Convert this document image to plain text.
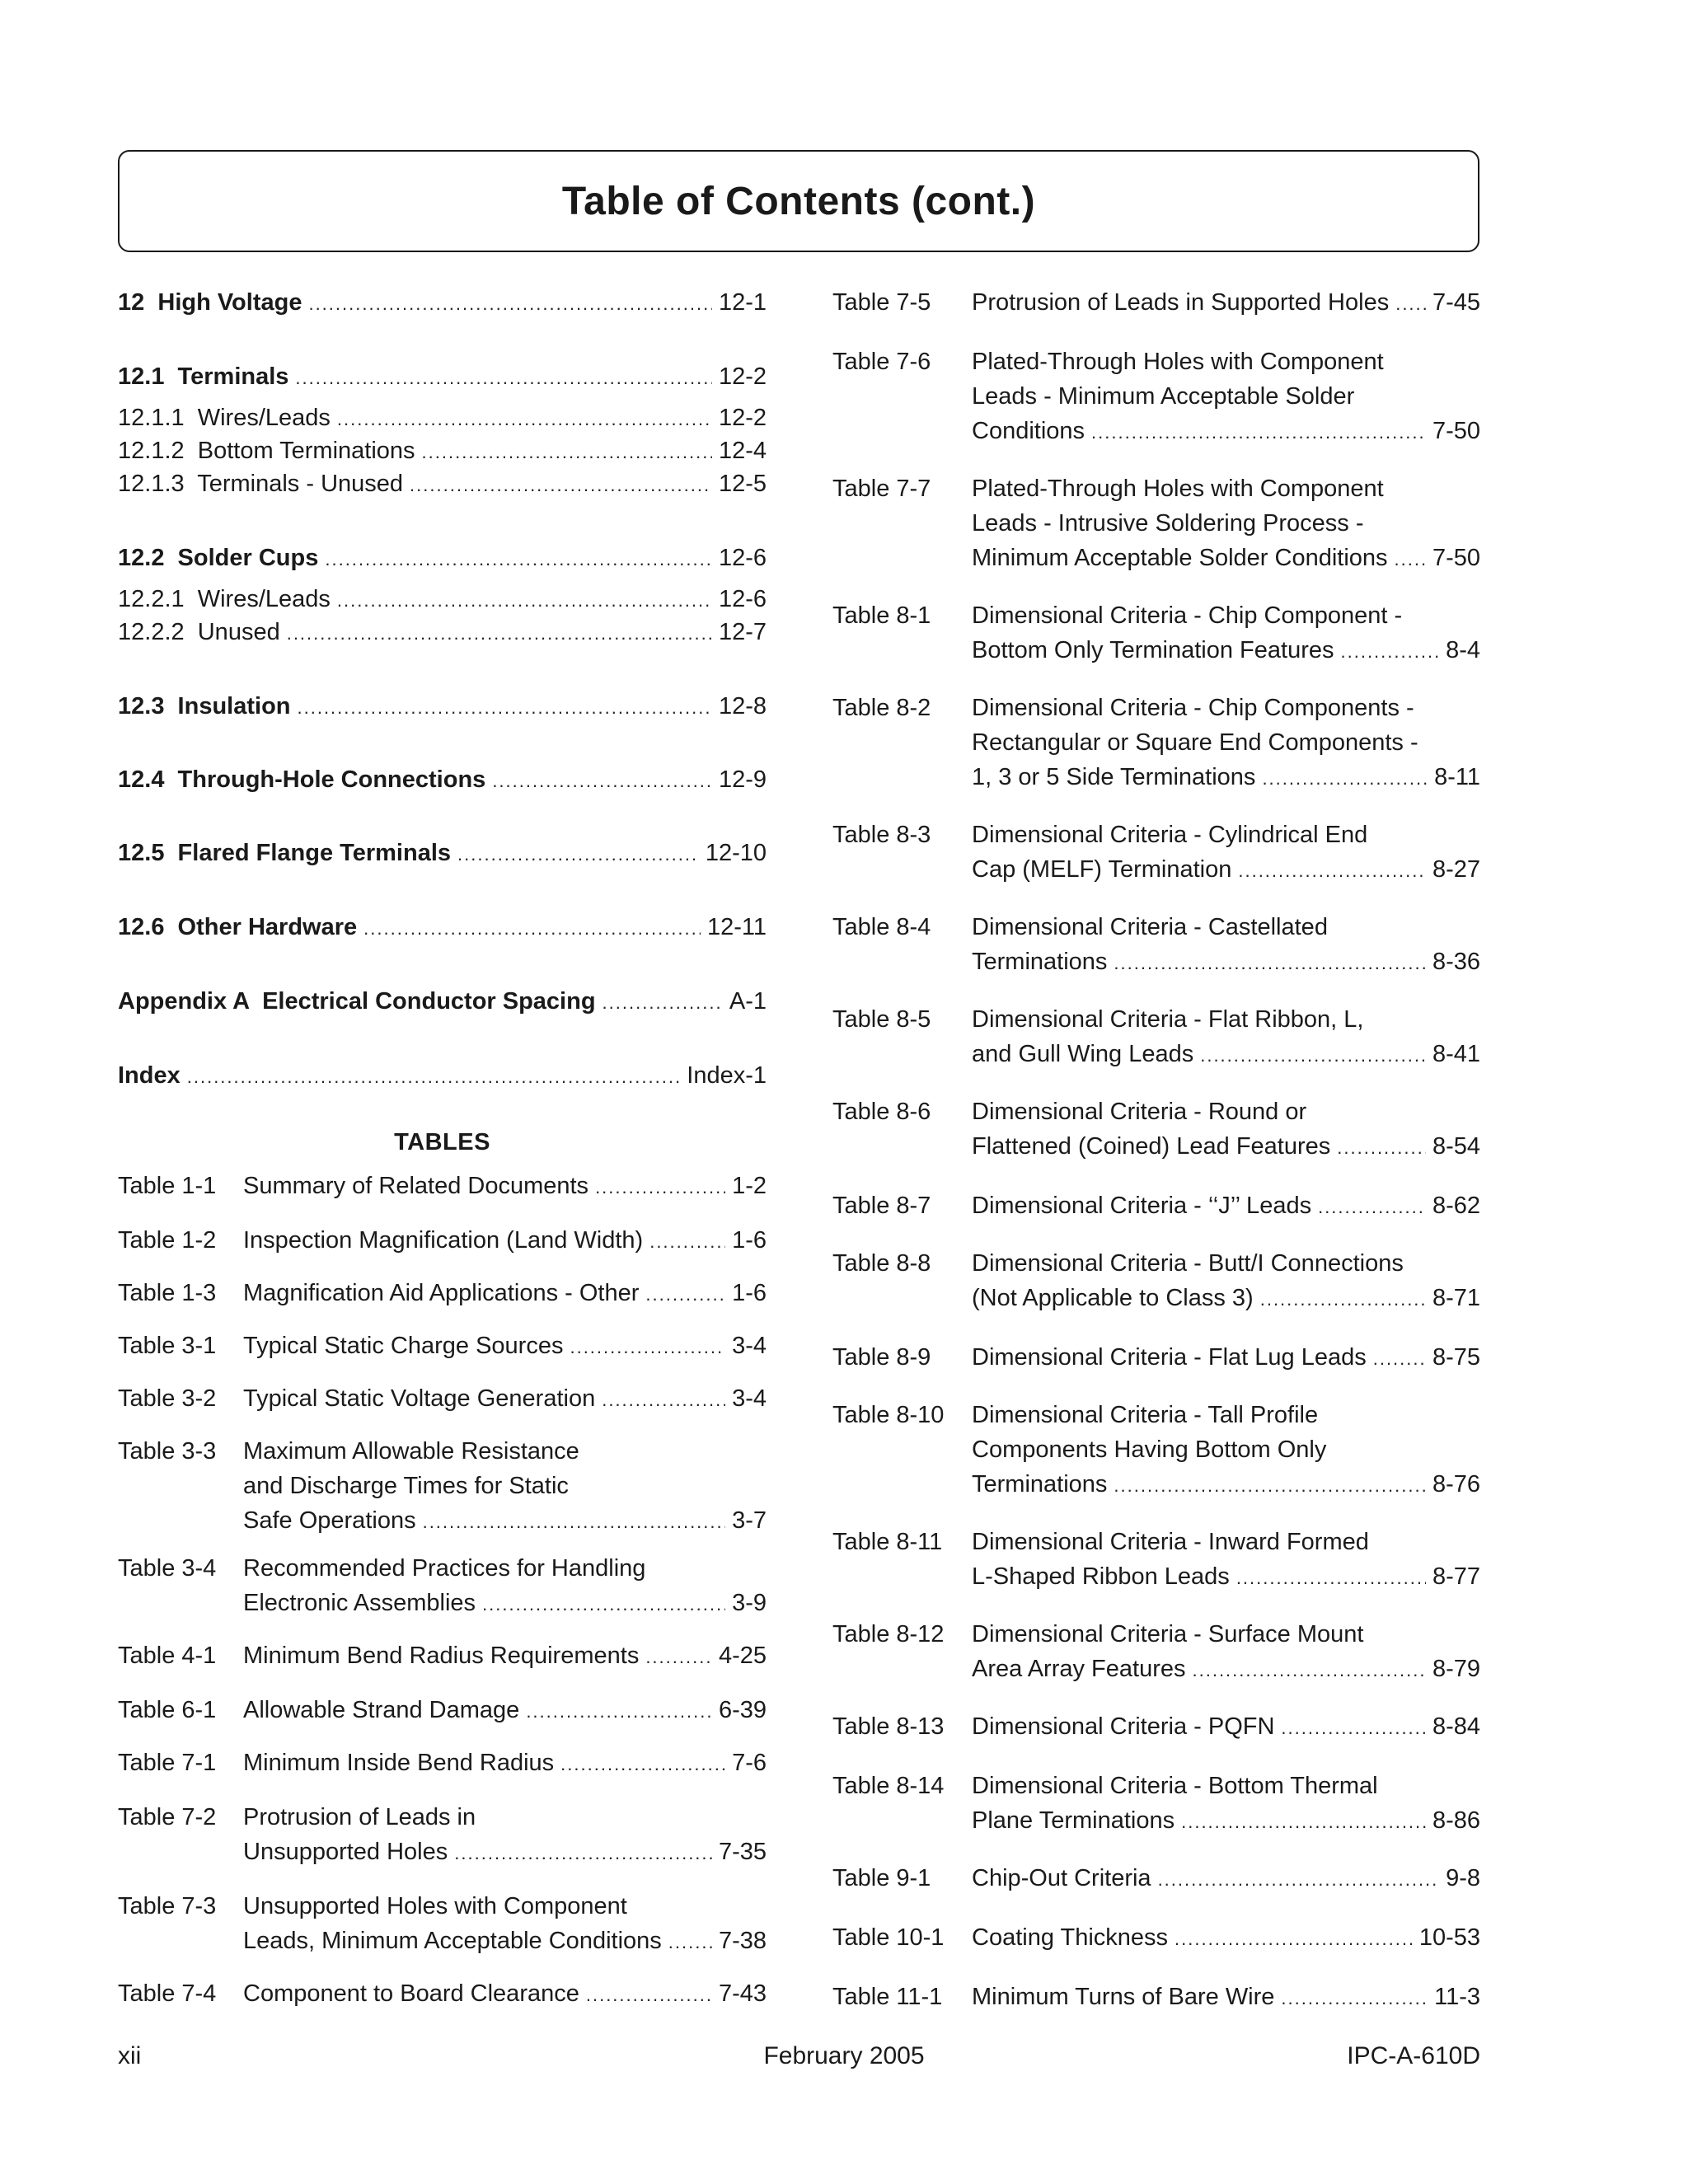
Table of Contents (cont.)
TABLES
12  High Voltage .....	12-1
12.1  Terminals .....	12-2
12.1.1  Wires/Leads .....	12-2
12.1.2  Bottom Terminations .....	12-4
12.1.3  Terminals - Unused .....	12-5
12.2  Solder Cups .....	12-6
12.2.1  Wires/Leads .....	12-6
12.2.2  Unused .....	12-7
12.3  Insulation .....	12-8
12.4  Through-Hole Connections .....	12-9
12.5  Flared Flange Terminals .....	12-10
12.6  Other Hardware .....	12-11
Appendix A  Electrical Conductor Spacing .....	A-1
Index .....	Index-1
Table 1-1 Summary of Related Documents .....	1-2
Table 1-2 Inspection Magnification (Land Width) .....	1-6
Table 1-3 Magnification Aid Applications - Other .....	1-6
Table 3-1 Typical Static Charge Sources .....	3-4
Table 3-2 Typical Static Voltage Generation .....	3-4
Table 3-3 Maximum Allowable Resistance
and Discharge Times for Static
Safe Operations .....	3-7
Table 3-4 Recommended Practices for Handling
Electronic Assemblies .....	3-9
Table 4-1 Minimum Bend Radius Requirements .....	4-25
Table 6-1 Allowable Strand Damage .....	6-39
Table 7-1 Minimum Inside Bend Radius .....	7-6
Table 7-2 Protrusion of Leads in
Unsupported Holes .....	7-35
Table 7-3 Unsupported Holes with Component
Leads, Minimum Acceptable Conditions ..... 7-38
Table 7-4 Component to Board Clearance .....	7-43
Table 7-5 Protrusion of Leads in Supported Holes ..... 7-45
Table 7-6 Plated-Through Holes with Component
Leads - Minimum Acceptable Solder
Conditions .....	7-50
Table 7-7 Plated-Through Holes with Component
Leads - Intrusive Soldering Process -
Minimum Acceptable Solder Conditions ..... 7-50
Table 8-1 Dimensional Criteria - Chip Component -
Bottom Only Termination Features .....	8-4
Table 8-2 Dimensional Criteria - Chip Components -
Rectangular or Square End Components -
1, 3 or 5 Side Terminations .....	8-11
Table 8-3 Dimensional Criteria - Cylindrical End
Cap (MELF) Termination .....	8-27
Table 8-4 Dimensional Criteria - Castellated
Terminations .....	8-36
Table 8-5 Dimensional Criteria - Flat Ribbon, L,
and Gull Wing Leads .....	8-41
Table 8-6 Dimensional Criteria - Round or
Flattened (Coined) Lead Features .....	8-54
Table 8-7 Dimensional Criteria - ‘‘J’’ Leads .....	8-62
Table 8-8 Dimensional Criteria - Butt/I Connections
(Not Applicable to Class 3) .....	8-71
Table 8-9 Dimensional Criteria - Flat Lug Leads .....	8-75
Table 8-10 Dimensional Criteria - Tall Profile
Components Having Bottom Only
Terminations .....	8-76
Table 8-11 Dimensional Criteria - Inward Formed
L-Shaped Ribbon Leads .....	8-77
Table 8-12 Dimensional Criteria - Surface Mount
Area Array Features .....	8-79
Table 8-13 Dimensional Criteria - PQFN .....	8-84
Table 8-14 Dimensional Criteria - Bottom Thermal
Plane Terminations .....	8-86
Table 9-1 Chip-Out Criteria .....	9-8
Table 10-1 Coating Thickness .....	10-53
Table 11-1 Minimum Turns of Bare Wire .....	11-3
xii	February 2005	IPC-A-610D
